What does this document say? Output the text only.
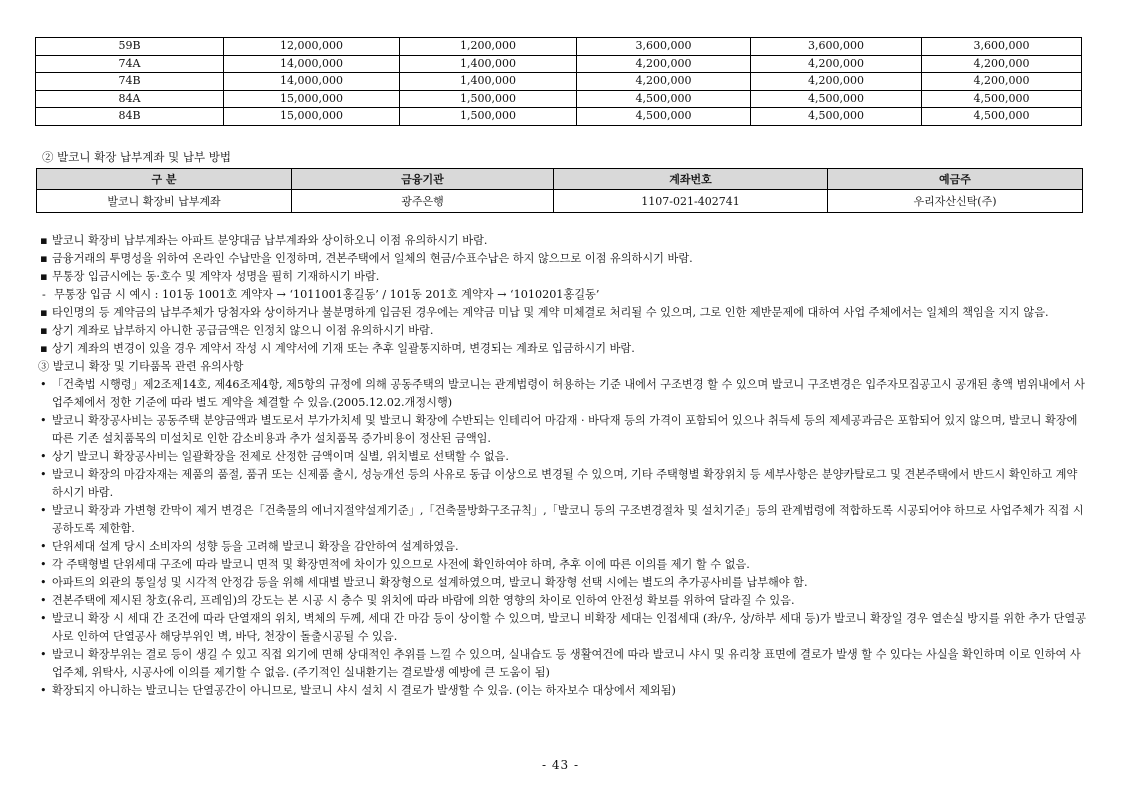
59B	12,000,000	1,200,000	3,600,000	3,600,000	3,600,000
74A	14,000,000	1,400,000	4,200,000	4,200,000	4,200,000
74B	14,000,000	1,400,000	4,200,000	4,200,000	4,200,000
84A	15,000,000	1,500,000	4,500,000	4,500,000	4,500,000
84B	15,000,000	1,500,000	4,500,000	4,500,000	4,500,000
② 발코니 확장 납부계좌 및 납부 방법
구 분	금융기관	계좌번호	예금주
발코니 확장비 납부계좌	광주은행	1107-021-402741	우리자산신탁(주)
▪ 발코니 확장비 납부계좌는 아파트 분양대금 납부계좌와 상이하오니 이점 유의하시기 바람.
▪ 금융거래의 투명성을 위하여 온라인 수납만을 인정하며, 견본주택에서 일체의 현금/수표수납은 하지 않으므로 이점 유의하시기 바람.
▪ 무통장 입금시에는 동·호수 및 계약자 성명을 필히 기재하시기 바람.
- 무통장 입금 시 예시 : 101동 1001호 계약자 → ‘1011001홍길동’ / 101동 201호 계약자 → ‘1010201홍길동’
▪ 타인명의 등 계약금의 납부주체가 당첨자와 상이하거나 불분명하게 입금된 경우에는 계약금 미납 및 계약 미체결로 처리될 수 있으며, 그로 인한 제반문제에 대하여 사업 주체에서는 일체의 책임을 지지 않음.
▪ 상기 계좌로 납부하지 아니한 공급금액은 인정치 않으니 이점 유의하시기 바람.
▪ 상기 계좌의 변경이 있을 경우 계약서 작성 시 계약서에 기재 또는 추후 일괄통지하며, 변경되는 계좌로 입금하시기 바람.
③ 발코니 확장 및 기타품목 관련 유의사항
• 「건축법 시행령」제2조제14호, 제46조제4항, 제5항의 규정에 의해 공동주택의 발코니는 관계법령이 허용하는 기준 내에서 구조변경 할 수 있으며 발코니 구조변경은 입주자모집공고시 공개된 총액 범위내에서 사업주체에서 정한 기준에 따라 별도 계약을 체결할 수 있음.(2005.12.02.개정시행)
• 발코니 확장공사비는 공동주택 분양금액과 별도로서 부가가치세 및 발코니 확장에 수반되는 인테리어 마감재 · 바닥재 등의 가격이 포함되어 있으나 취득세 등의 제세공과금은 포함되어 있지 않으며, 발코니 확장에 따른 기존 설치품목의 미설치로 인한 감소비용과 추가 설치품목 증가비용이 정산된 금액임.
• 상기 발코니 확장공사비는 일괄확장을 전제로 산정한 금액이며 실별, 위치별로 선택할 수 없음.
• 발코니 확장의 마감자재는 제품의 품절, 품귀 또는 신제품 출시, 성능개선 등의 사유로 동급 이상으로 변경될 수 있으며, 기타 주택형별 확장위치 등 세부사항은 분양카탈로그 및 견본주택에서 반드시 확인하고 계약하시기 바람.
• 발코니 확장과 가변형 칸막이 제거 변경은「건축물의 에너지절약설계기준」,「건축물방화구조규칙」,「발코니 등의 구조변경절차 및 설치기준」등의 관계법령에 적합하도록 시공되어야 하므로 사업주체가 직접 시공하도록 제한함.
• 단위세대 설계 당시 소비자의 성향 등을 고려해 발코니 확장을 감안하여 설계하였음.
• 각 주택형별 단위세대 구조에 따라 발코니 면적 및 확장면적에 차이가 있으므로 사전에 확인하여야 하며, 추후 이에 따른 이의를 제기 할 수 없음.
• 아파트의 외관의 통일성 및 시각적 안정감 등을 위해 세대별 발코니 확장형으로 설계하였으며, 발코니 확장형 선택 시에는 별도의 추가공사비를 납부해야 함.
• 견본주택에 제시된 창호(유리, 프레임)의 강도는 본 시공 시 층수 및 위치에 따라 바람에 의한 영향의 차이로 인하여 안전성 확보를 위하여 달라질 수 있음.
• 발코니 확장 시 세대 간 조건에 따라 단열재의 위치, 벽체의 두께, 세대 간 마감 등이 상이할 수 있으며, 발코니 비확장 세대는 인접세대 (좌/우, 상/하부 세대 등)가 발코니 확장일 경우 열손실 방지를 위한 추가 단열공사로 인하여 단열공사 해당부위인 벽, 바닥, 천장이 돌출시공될 수 있음.
• 발코니 확장부위는 결로 등이 생길 수 있고 직접 외기에 면해 상대적인 추위를 느낄 수 있으며, 실내습도 등 생활여건에 따라 발코니 샤시 및 유리창 표면에 결로가 발생 할 수 있다는 사실을 확인하며 이로 인하여 사업주체, 위탁사, 시공사에 이의를 제기할 수 없음. (주기적인 실내환기는 결로발생 예방에 큰 도움이 됨)
• 확장되지 아니하는 발코니는 단열공간이 아니므로, 발코니 샤시 설치 시 결로가 발생할 수 있음. (이는 하자보수 대상에서 제외됨)
- 43 -
